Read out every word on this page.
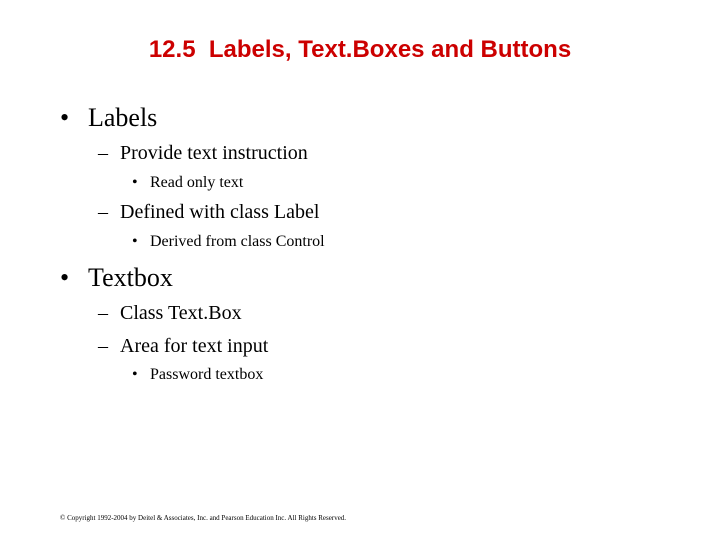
12.5  Labels, Text.Boxes and Buttons
• Labels
– Provide text instruction
• Read only text
– Defined with class Label
• Derived from class Control
• Textbox
– Class Text.Box
– Area for text input
• Password textbox
© Copyright 1992-2004 by Deitel & Associates, Inc. and Pearson Education Inc. All Rights Reserved.
